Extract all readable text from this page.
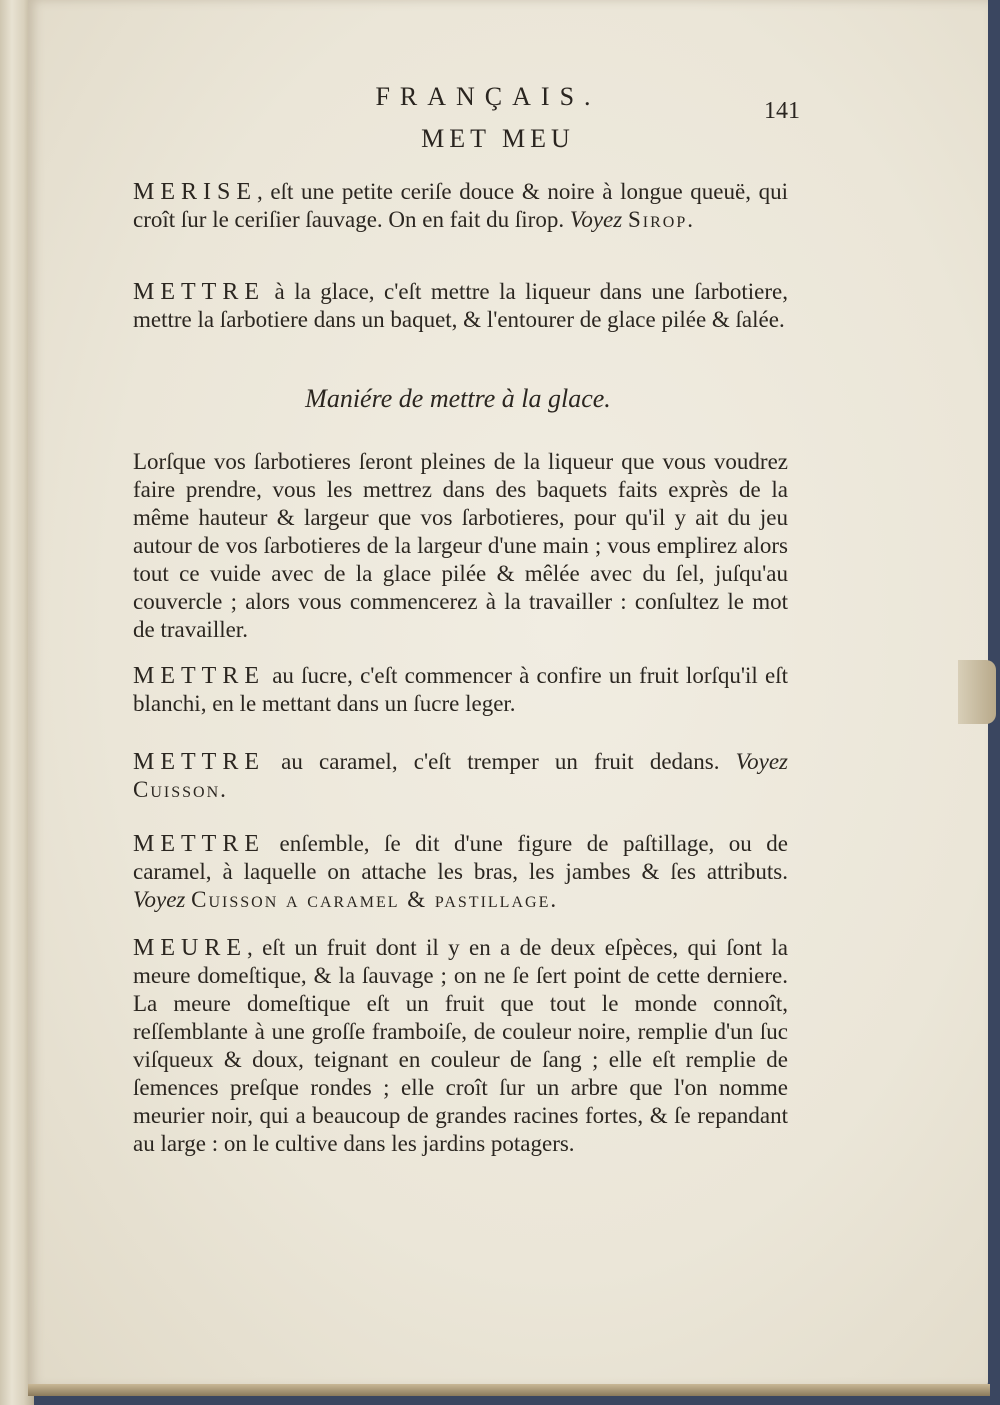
FRANÇAIS.	141
MET MEU
MERISE, eſt une petite ceriſe douce & noire à longue queuë, qui croît ſur le ceriſier ſauvage. On en fait du ſirop. Voyez Sirop.
METTRE à la glace, c'eſt mettre la liqueur dans une ſarbotiere, mettre la ſarbotiere dans un baquet, & l'entourer de glace pilée & ſalée.
Maniére de mettre à la glace.
Lorſque vos ſarbotieres ſeront pleines de la liqueur que vous voudrez faire prendre, vous les mettrez dans des baquets faits exprès de la même hauteur & largeur que vos ſarbotieres, pour qu'il y ait du jeu autour de vos ſarbotieres de la largeur d'une main ; vous emplirez alors tout ce vuide avec de la glace pilée & mêlée avec du ſel, juſqu'au couvercle ; alors vous commencerez à la travailler : conſultez le mot de travailler.
METTRE au ſucre, c'eſt commencer à confire un fruit lorſqu'il eſt blanchi, en le mettant dans un ſucre leger.
METTRE au caramel, c'eſt tremper un fruit dedans. Voyez Cuisson.
METTRE enſemble, ſe dit d'une figure de paſtillage, ou de caramel, à laquelle on attache les bras, les jambes & ſes attributs. Voyez Cuisson a caramel & pastillage.
MEURE, eſt un fruit dont il y en a de deux eſpèces, qui ſont la meure domeſtique, & la ſauvage ; on ne ſe ſert point de cette derniere. La meure domeſtique eſt un fruit que tout le monde connoît, reſſemblante à une groſſe framboiſe, de couleur noire, remplie d'un ſuc viſqueux & doux, teignant en couleur de ſang ; elle eſt remplie de ſemences preſque rondes ; elle croît ſur un arbre que l'on nomme meurier noir, qui a beaucoup de grandes racines fortes, & ſe repandant au large : on le cultive dans les jardins potagers.
